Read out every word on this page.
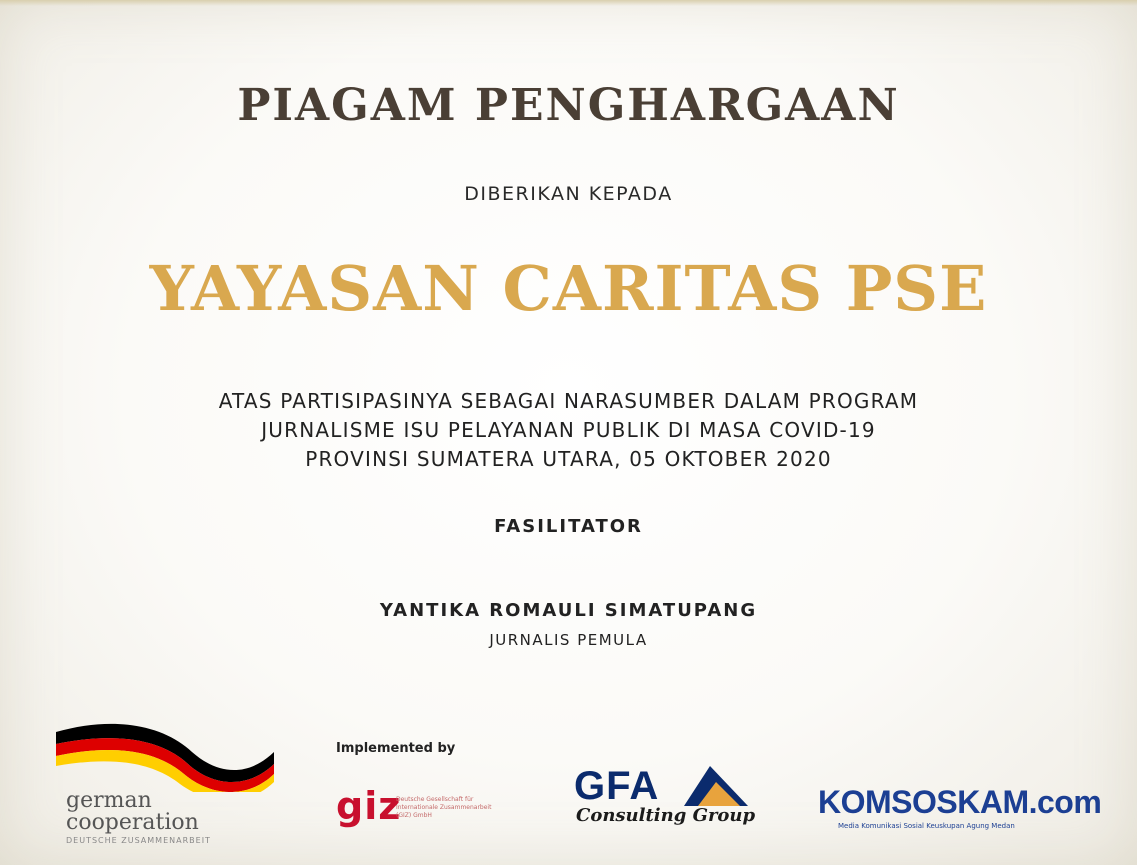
PIAGAM PENGHARGAAN
DIBERIKAN KEPADA
YAYASAN CARITAS PSE
ATAS PARTISIPASINYA SEBAGAI NARASUMBER DALAM PROGRAM
JURNALISME ISU PELAYANAN PUBLIK DI MASA COVID-19
PROVINSI SUMATERA UTARA, 05 OKTOBER 2020
FASILITATOR
YANTIKA ROMAULI SIMATUPANG
JURNALIS PEMULA
german
cooperation
DEUTSCHE ZUSAMMENARBEIT
Implemented by
giz
Deutsche Gesellschaft für Internationale Zusammenarbeit (GIZ) GmbH
GFA
Consulting Group KOMSOSKAM.com
Media Komunikasi Sosial Keuskupan Agung Medan
